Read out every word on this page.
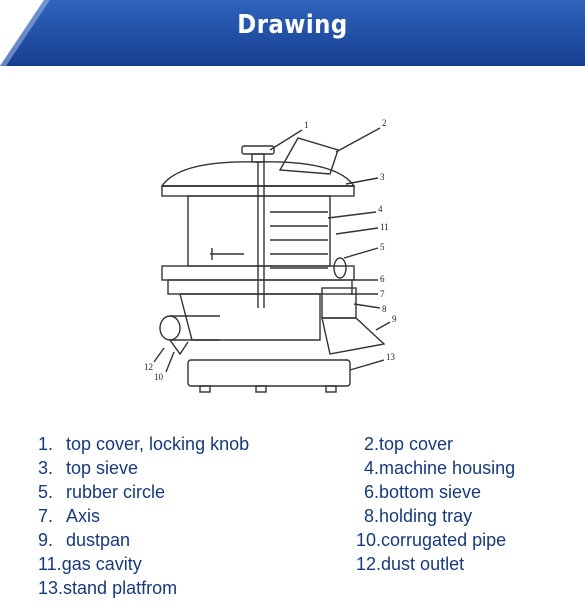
Drawing
1	2
3
4
11
5
6
7
8
9
12
10
13
1. top cover, locking knob
3. top sieve
5. rubber circle
7. Axis
9. dustpan
11.gas cavity
13.stand platfrom
2.top cover
4.machine housing
6.bottom sieve
8.holding tray
10.corrugated pipe
12.dust outlet
